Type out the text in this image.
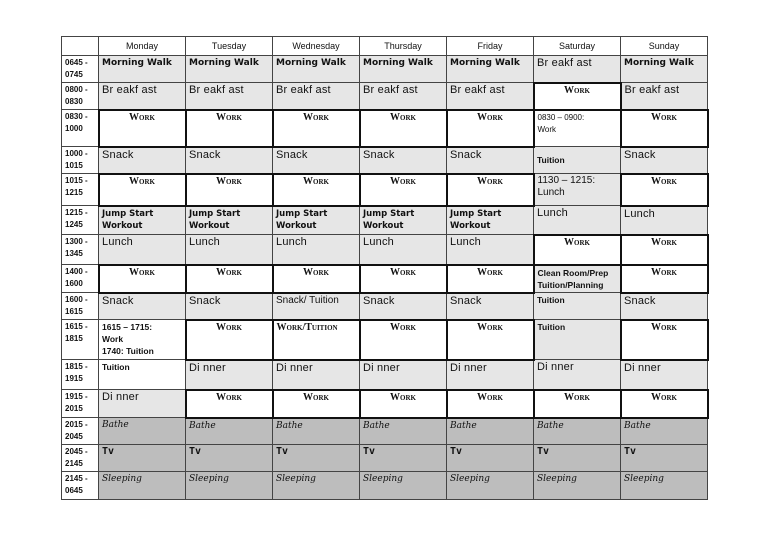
	Monday	Tuesday	Wednesday	Thursday	Friday	Saturday	Sunday
0645 -
0745	Morning Walk	Morning Walk	Morning Walk	Morning Walk	Morning Walk	Br eakf ast	Morning Walk
0800 -
0830	Br eakf ast	Br eakf ast	Br eakf ast	Br eakf ast	Br eakf ast	Work	Br eakf ast
0830 -
1000	Work	Work	Work	Work	Work	0830 – 0900:
Work	Work
1000 -
1015	Snack	Snack	Snack	Snack	Snack	Tuition	Snack
1015 -
1215	Work	Work	Work	Work	Work	1130 – 1215:
Lunch	Work
1215 -
1245	Jump Start
Workout	Jump Start
Workout	Jump Start
Workout	Jump Start
Workout	Jump Start
Workout	Lunch	Lunch
1300 -
1345	Lunch	Lunch	Lunch	Lunch	Lunch	Work	Work
1400 -
1600	Work	Work	Work	Work	Work	Clean Room/Prep
Tuition/Planning	Work
1600 -
1615	Snack	Snack	Snack/ Tuition	Snack	Snack	Tuition	Snack
1615 -
1815	1615 – 1715:
Work
1740: Tuition	Work	Work/Tuition	Work	Work	Tuition	Work
1815 -
1915	Tuition	Di nner	Di nner	Di nner	Di nner	Di nner	Di nner
1915 -
2015	Di nner	Work	Work	Work	Work	Work	Work
2015 -
2045	Bathe	Bathe	Bathe	Bathe	Bathe	Bathe	Bathe
2045 -
2145	Tv	Tv	Tv	Tv	Tv	Tv	Tv
2145 -
0645	Sleeping	Sleeping	Sleeping	Sleeping	Sleeping	Sleeping	Sleeping
